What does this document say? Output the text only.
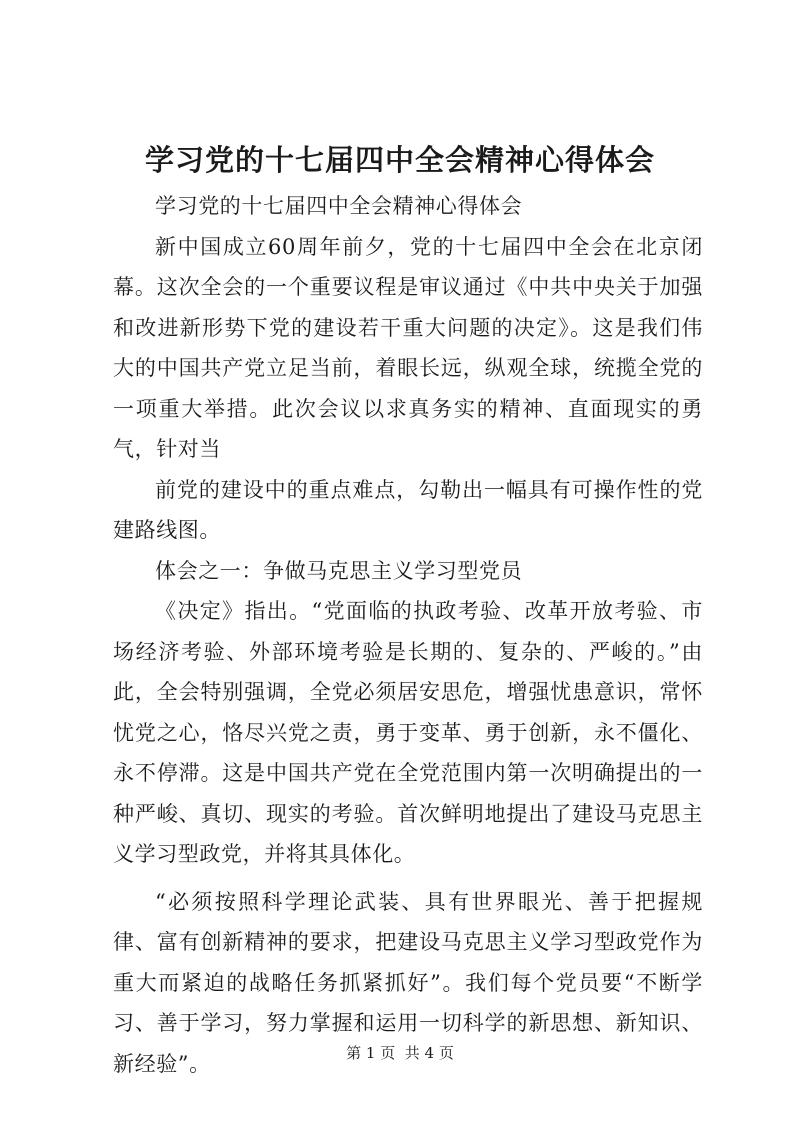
学习党的十七届四中全会精神心得体会

学习党的十七届四中全会精神心得体会

新中国成立60周年前夕，党的十七届四中全会在北京闭幕。这次全会的一个重要议程是审议通过《中共中央关于加强和改进新形势下党的建设若干重大问题的决定》。这是我们伟大的中国共产党立足当前，着眼长远，纵观全球，统揽全党的一项重大举措。此次会议以求真务实的精神、直面现实的勇气，针对当

前党的建设中的重点难点，勾勒出一幅具有可操作性的党建路线图。

体会之一：争做马克思主义学习型党员

《决定》指出。“党面临的执政考验、改革开放考验、市场经济考验、外部环境考验是长期的、复杂的、严峻的。”由此，全会特别强调，全党必须居安思危，增强忧患意识，常怀忧党之心，恪尽兴党之责，勇于变革、勇于创新，永不僵化、永不停滞。这是中国共产党在全党范围内第一次明确提出的一种严峻、真切、现实的考验。首次鲜明地提出了建设马克思主义学习型政党，并将其具体化。

“必须按照科学理论武装、具有世界眼光、善于把握规律、富有创新精神的要求，把建设马克思主义学习型政党作为重大而紧迫的战略任务抓紧抓好”。我们每个党员要“不断学习、善于学习，努力掌握和运用一切科学的新思想、新知识、新经验”。	第 1 页  共 4 页
